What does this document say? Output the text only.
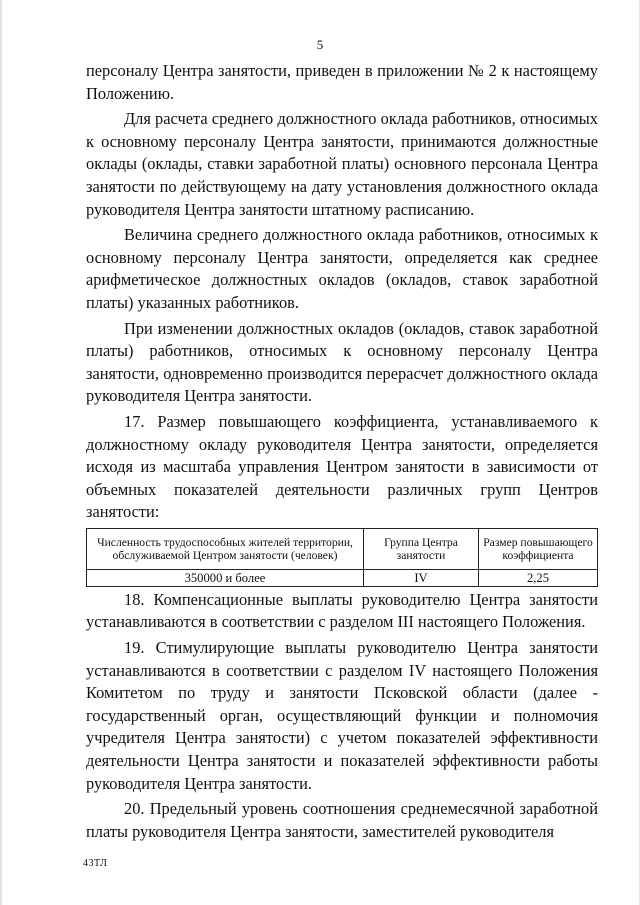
5

персоналу Центра занятости, приведен в приложении № 2 к настоящему Положению.

Для расчета среднего должностного оклада работников, относимых к основному персоналу Центра занятости, принимаются должностные оклады (оклады, ставки заработной платы) основного персонала Центра занятости по действующему на дату установления должностного оклада руководителя Центра занятости штатному расписанию.

Величина среднего должностного оклада работников, относимых к основному персоналу Центра занятости, определяется как среднее арифметическое должностных окладов (окладов, ставок заработной платы) указанных работников.

При изменении должностных окладов (окладов, ставок заработной платы) работников, относимых к основному персоналу Центра занятости, одновременно производится перерасчет должностного оклада руководителя Центра занятости.

17. Размер повышающего коэффициента, устанавливаемого к должностному окладу руководителя Центра занятости, определяется исходя из масштаба управления Центром занятости в зависимости от объемных показателей деятельности различных групп Центров занятости:

Численность трудоспособных жителей территории, обслуживаемой Центром занятости (человек)	Группа Центра занятости	Размер повышающего коэффициента
350000 и более	IV	2,25

18. Компенсационные выплаты руководителю Центра занятости устанавливаются в соответствии с разделом III настоящего Положения.

19. Стимулирующие выплаты руководителю Центра занятости устанавливаются в соответствии с разделом IV настоящего Положения Комитетом по труду и занятости Псковской области (далее - государственный орган, осуществляющий функции и полномочия учредителя Центра занятости) с учетом показателей эффективности деятельности Центра занятости и показателей эффективности работы руководителя Центра занятости.

20. Предельный уровень соотношения среднемесячной заработной платы руководителя Центра занятости, заместителей руководителя

43ТЛ
